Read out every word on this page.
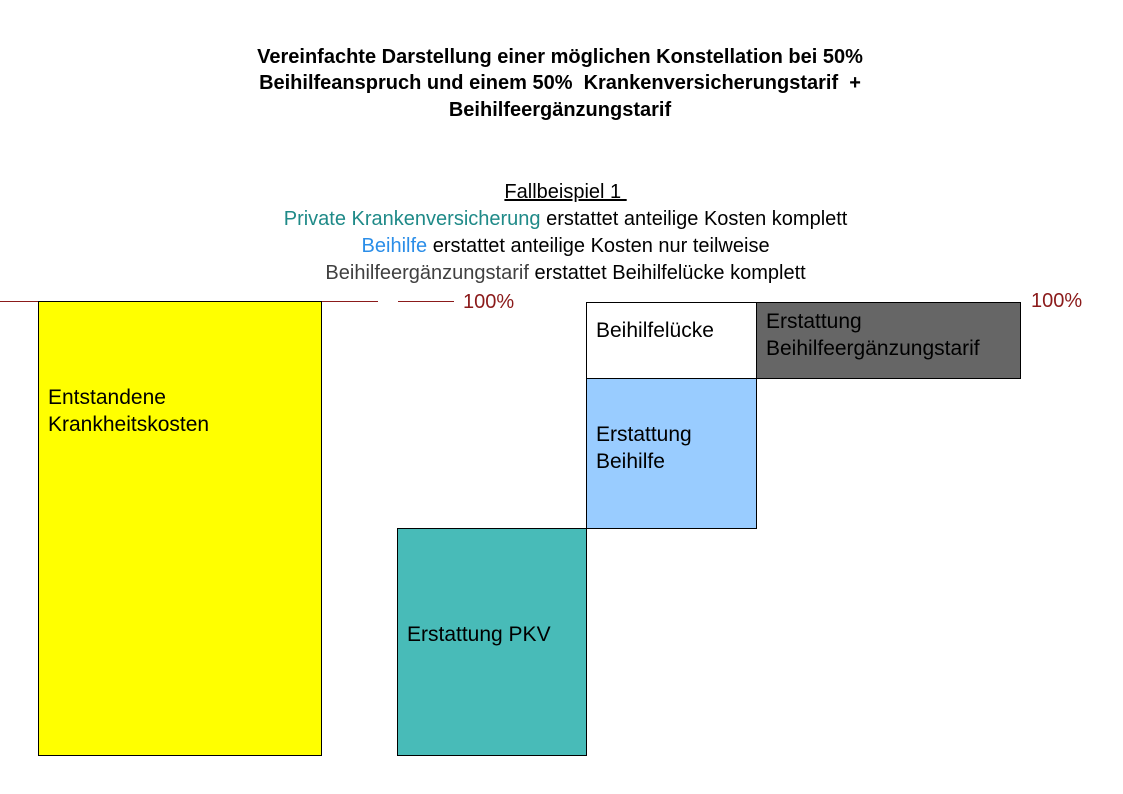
Vereinfachte Darstellung einer möglichen Konstellation bei 50%
Beihilfeanspruch und einem 50%  Krankenversicherungstarif  +
Beihilfeergänzungstarif

Fallbeispiel 1

Private Krankenversicherung erstattet anteilige Kosten komplett

Beihilfe erstattet anteilige Kosten nur teilweise

Beihilfeergänzungstarif erstattet Beihilfelücke komplett

100%	100%

Entstandene
Krankheitskosten

Erstattung PKV

Erstattung
Beihilfe

Beihilfelücke

Erstattung
Beihilfeergänzungstarif
